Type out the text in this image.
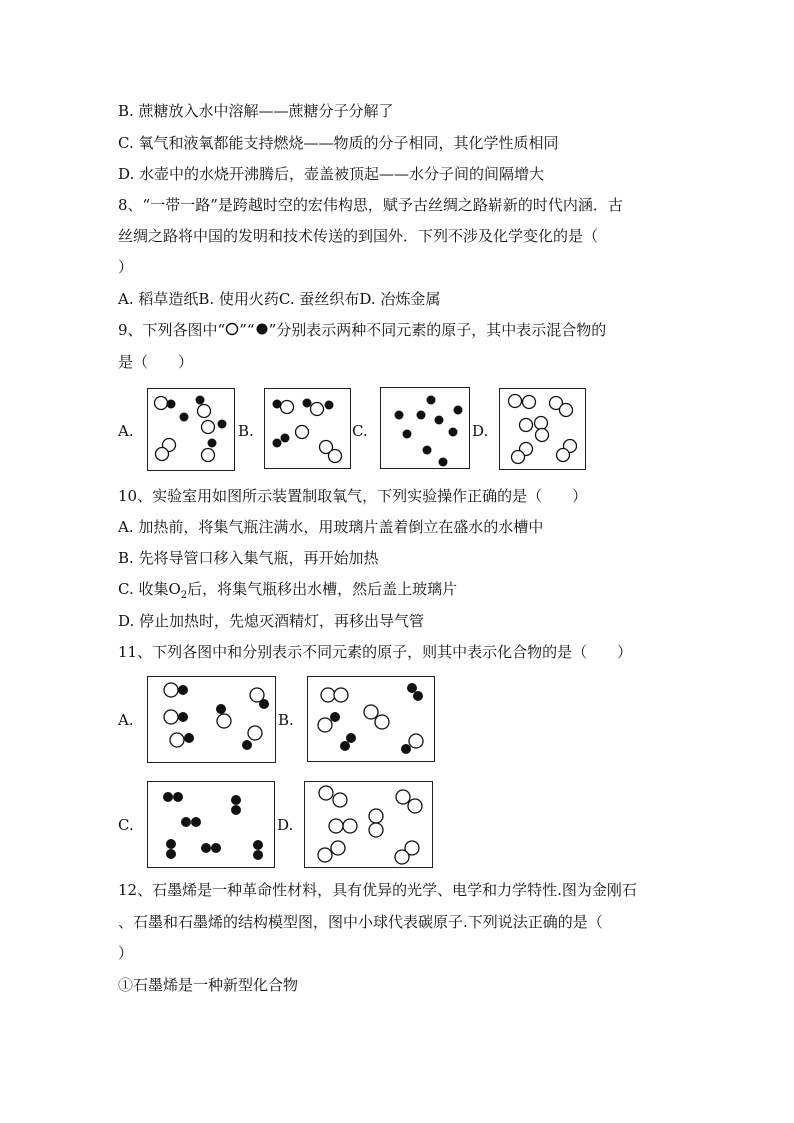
B. 蔗糖放入水中溶解——蔗糖分子分解了
C. 氧气和液氧都能支持燃烧——物质的分子相同，其化学性质相同
D. 水壶中的水烧开沸腾后，壶盖被顶起——水分子间的间隔增大
8、“一带一路”是跨越时空的宏伟构思，赋予古丝绸之路崭新的时代内涵．古
丝绸之路将中国的发明和技术传送的到国外．下列不涉及化学变化的是（
）
A. 稻草造纸B. 使用火药C. 蚕丝织布D. 冶炼金属
9、下列各图中“ ”“ ”分别表示两种不同元素的原子，其中表示混合物的
是（　　）
A.	B.	C.	D.
10、实验室用如图所示装置制取氧气，下列实验操作正确的是（　　）
A. 加热前，将集气瓶注满水，用玻璃片盖着倒立在盛水的水槽中
B. 先将导管口移入集气瓶，再开始加热
C. 收集$O_2$后，将集气瓶移出水槽，然后盖上玻璃片
D. 停止加热时，先熄灭酒精灯，再移出导气管
11、下列各图中和分别表示不同元素的原子，则其中表示化合物的是（　　）
A.	B.
C.	D.
12、石墨烯是一种革命性材料，具有优异的光学、电学和力学特性.图为金刚石
、石墨和石墨烯的结构模型图，图中小球代表碳原子.下列说法正确的是（
）
①石墨烯是一种新型化合物
